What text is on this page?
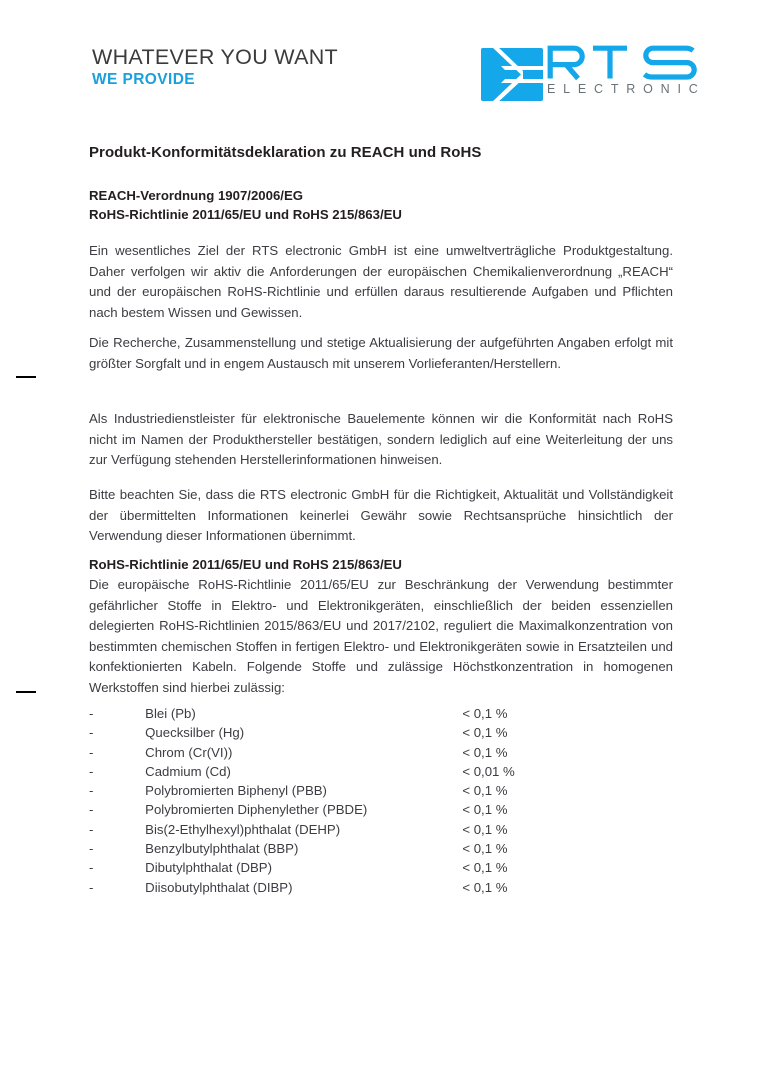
WHATEVER YOU WANT
WE PROVIDE
ELECTRONIC
Produkt-Konformitätsdeklaration zu REACH und RoHS
REACH-Verordnung 1907/2006/EG
RoHS-Richtlinie 2011/65/EU und RoHS 215/863/EU
Ein wesentliches Ziel der RTS electronic GmbH ist eine umweltverträgliche Produktgestaltung. Daher verfolgen wir aktiv die Anforderungen der europäischen Chemikalienverordnung „REACH“ und der europäischen RoHS-Richtlinie und erfüllen daraus resultierende Aufgaben und Pflichten nach bestem Wissen und Gewissen.
Die Recherche, Zusammenstellung und stetige Aktualisierung der aufgeführten Angaben erfolgt mit größter Sorgfalt und in engem Austausch mit unserem Vorlieferanten/Herstellern.
Als Industriedienstleister für elektronische Bauelemente können wir die Konformität nach RoHS nicht im Namen der Produkthersteller bestätigen, sondern lediglich auf eine Weiterleitung der uns zur Verfügung stehenden Herstellerinformationen hinweisen.
Bitte beachten Sie, dass die RTS electronic GmbH für die Richtigkeit, Aktualität und Vollständigkeit der übermittelten Informationen keinerlei Gewähr sowie Rechtsansprüche hinsichtlich der Verwendung dieser Informationen übernimmt.
RoHS-Richtlinie 2011/65/EU und RoHS 215/863/EU
Die europäische RoHS-Richtlinie 2011/65/EU zur Beschränkung der Verwendung bestimmter gefährlicher Stoffe in Elektro- und Elektronikgeräten, einschließlich der beiden essenziellen delegierten RoHS-Richtlinien 2015/863/EU und 2017/2102, reguliert die Maximalkonzentration von bestimmten chemischen Stoffen in fertigen Elektro- und Elektronikgeräten sowie in Ersatzteilen und konfektionierten Kabeln. Folgende Stoffe und zulässige Höchstkonzentration in homogenen Werkstoffen sind hierbei zulässig:
-	Blei (Pb)	< 0,1 %
-	Quecksilber (Hg)	< 0,1 %
-	Chrom (Cr(VI))	< 0,1 %
-	Cadmium (Cd)	< 0,01 %
-	Polybromierten Biphenyl (PBB)	< 0,1 %
-	Polybromierten Diphenylether (PBDE)	< 0,1 %
-	Bis(2-Ethylhexyl)phthalat (DEHP)	< 0,1 %
-	Benzylbutylphthalat (BBP)	< 0,1 %
-	Dibutylphthalat (DBP)	< 0,1 %
-	Diisobutylphthalat (DIBP)	< 0,1 %
